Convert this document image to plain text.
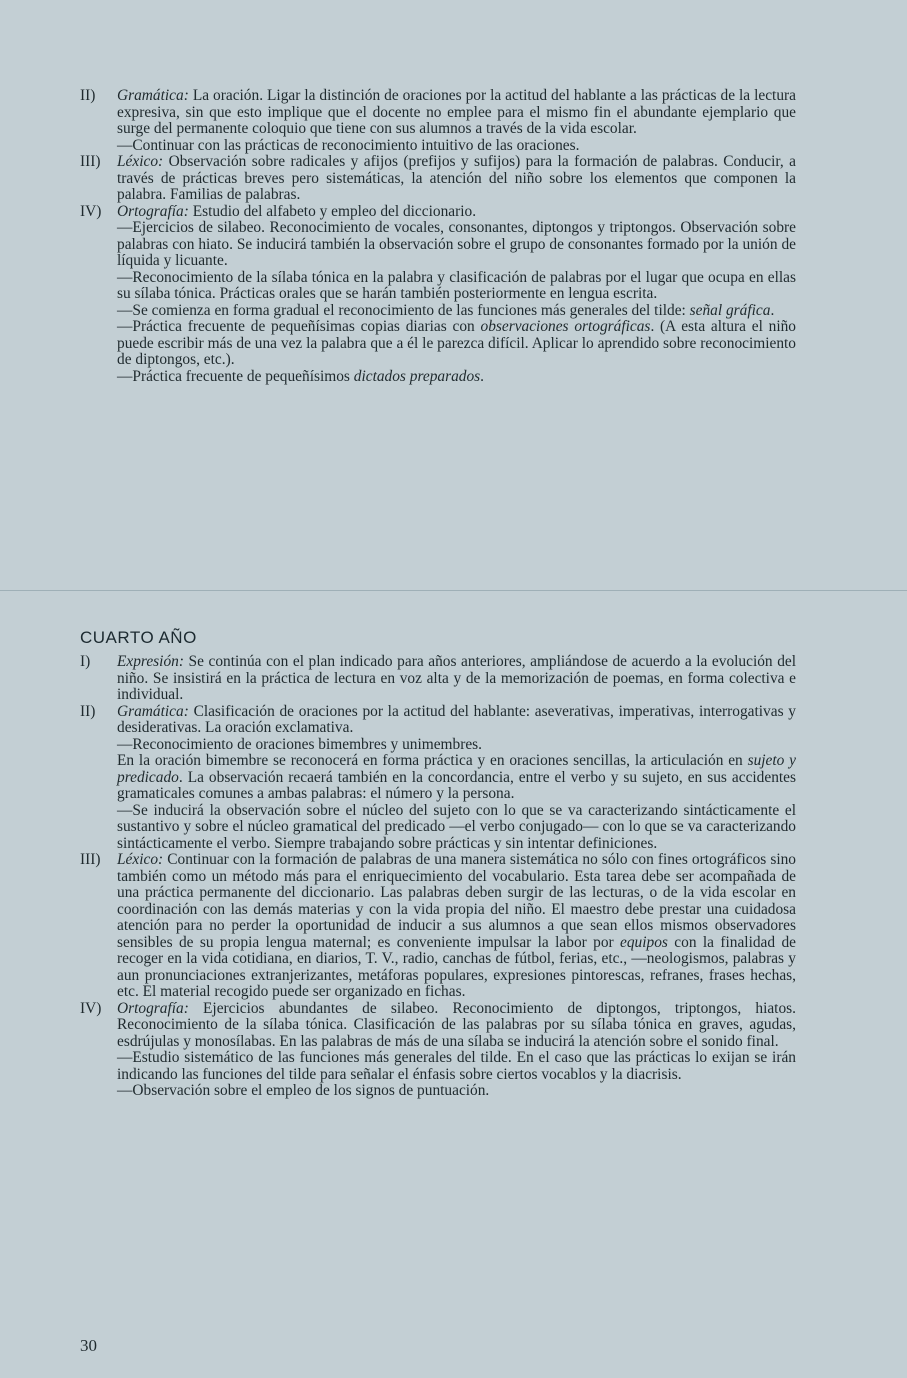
II)	Gramática: La oración. Ligar la distinción de oraciones por la actitud del hablante a las prácticas de la lectura expresiva, sin que esto implique que el docente no emplee para el mismo fin el abundante ejemplario que surge del permanente coloquio que tiene con sus alumnos a través de la vida escolar.

—Continuar con las prácticas de reconocimiento intuitivo de las oraciones.

III)	Léxico: Observación sobre radicales y afijos (prefijos y sufijos) para la formación de palabras. Conducir, a través de prácticas breves pero sistemáticas, la atención del niño sobre los elementos que componen la palabra. Familias de palabras.

IV)	Ortografía: Estudio del alfabeto y empleo del diccionario.

—Ejercicios de silabeo. Reconocimiento de vocales, consonantes, diptongos y triptongos. Observación sobre palabras con hiato. Se inducirá también la observación sobre el grupo de consonantes formado por la unión de líquida y licuante.

—Reconocimiento de la sílaba tónica en la palabra y clasificación de palabras por el lugar que ocupa en ellas su sílaba tónica. Prácticas orales que se harán también posteriormente en lengua escrita.

—Se comienza en forma gradual el reconocimiento de las funciones más generales del tilde: señal gráfica.

—Práctica frecuente de pequeñísimas copias diarias con observaciones ortográficas. (A esta altura el niño puede escribir más de una vez la palabra que a él le parezca difícil. Aplicar lo aprendido sobre reconocimiento de diptongos, etc.).

—Práctica frecuente de pequeñísimos dictados preparados.

CUARTO AÑO
I)	Expresión: Se continúa con el plan indicado para años anteriores, ampliándose de acuerdo a la evolución del niño. Se insistirá en la práctica de lectura en voz alta y de la memorización de poemas, en forma colectiva e individual.

II)	Gramática: Clasificación de oraciones por la actitud del hablante: aseverativas, imperativas, interrogativas y desiderativas. La oración exclamativa.

—Reconocimiento de oraciones bimembres y unimembres.

En la oración bimembre se reconocerá en forma práctica y en oraciones sencillas, la articulación en sujeto y predicado. La observación recaerá también en la concordancia, entre el verbo y su sujeto, en sus accidentes gramaticales comunes a ambas palabras: el número y la persona.

—Se inducirá la observación sobre el núcleo del sujeto con lo que se va caracterizando sintácticamente el sustantivo y sobre el núcleo gramatical del predicado —el verbo conjugado— con lo que se va caracterizando sintácticamente el verbo. Siempre trabajando sobre prácticas y sin intentar definiciones.

III)	Léxico: Continuar con la formación de palabras de una manera sistemática no sólo con fines ortográficos sino también como un método más para el enriquecimiento del vocabulario. Esta tarea debe ser acompañada de una práctica permanente del diccionario. Las palabras deben surgir de las lecturas, o de la vida escolar en coordinación con las demás materias y con la vida propia del niño. El maestro debe prestar una cuidadosa atención para no perder la oportunidad de inducir a sus alumnos a que sean ellos mismos observadores sensibles de su propia lengua maternal; es conveniente impulsar la labor por equipos con la finalidad de recoger en la vida cotidiana, en diarios, T. V., radio, canchas de fútbol, ferias, etc., —neologismos, palabras y aun pronunciaciones extranjerizantes, metáforas populares, expresiones pintorescas, refranes, frases hechas, etc. El material recogido puede ser organizado en fichas.

IV)	Ortografía: Ejercicios abundantes de silabeo. Reconocimiento de diptongos, triptongos, hiatos. Reconocimiento de la sílaba tónica. Clasificación de las palabras por su sílaba tónica en graves, agudas, esdrújulas y monosílabas. En las palabras de más de una sílaba se inducirá la atención sobre el sonido final.

—Estudio sistemático de las funciones más generales del tilde. En el caso que las prácticas lo exijan se irán indicando las funciones del tilde para señalar el énfasis sobre ciertos vocablos y la diacrisis.

—Observación sobre el empleo de los signos de puntuación.

30
